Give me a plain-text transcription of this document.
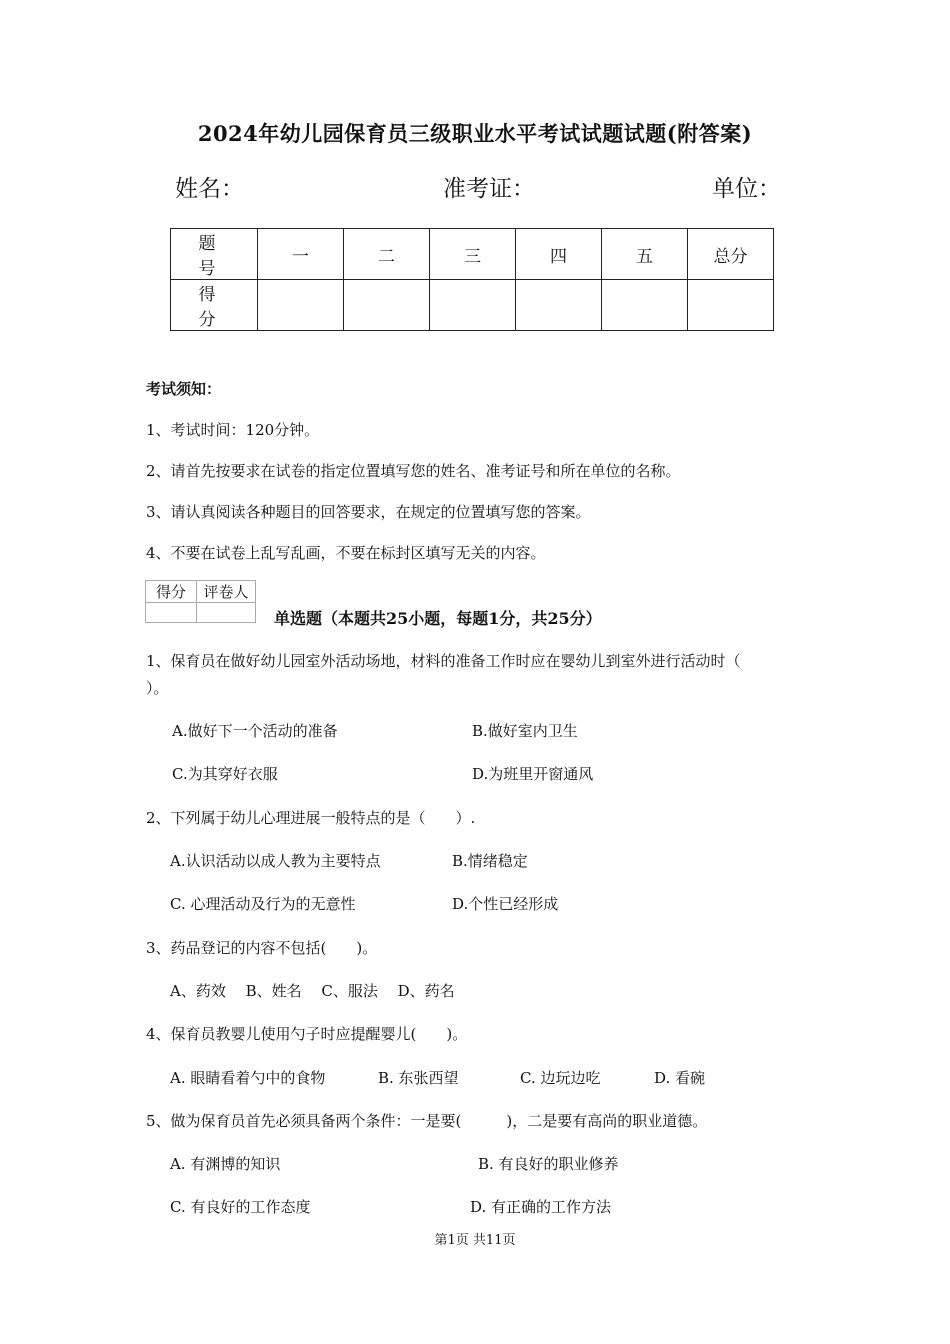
2024年幼儿园保育员三级职业水平考试试题试题(附答案)
姓名：	准考证：	单位：
题　号	一	二	三	四	五	总分
得　分						
考试须知：
1、考试时间：120分钟。
2、请首先按要求在试卷的指定位置填写您的姓名、准考证号和所在单位的名称。
3、请认真阅读各种题目的回答要求，在规定的位置填写您的答案。
4、不要在试卷上乱写乱画，不要在标封区填写无关的内容。
得分	评卷人

单选题（本题共25小题，每题1分，共25分）
1、保育员在做好幼儿园室外活动场地，材料的准备工作时应在婴幼儿到室外进行活动时（
）。
A.做好下一个活动的准备	B.做好室内卫生
C.为其穿好衣服	D.为班里开窗通风
2、下列属于幼儿心理进展一般特点的是（　　）.
A.认识活动以成人教为主要特点	B.情绪稳定
C. 心理活动及行为的无意性	D.个性已经形成
3、药品登记的内容不包括(　　)。
A、药效　 B、姓名　 C、服法　 D、药名
4、保育员教婴儿使用勺子时应提醒婴儿(　　)。
A. 眼睛看着勺中的食物	B. 东张西望	C. 边玩边吃	D. 看碗
5、做为保育员首先必须具备两个条件：一是要(　　　)，二是要有高尚的职业道德。
A. 有渊博的知识	B. 有良好的职业修养
C. 有良好的工作态度	D. 有正确的工作方法
第1页 共11页
